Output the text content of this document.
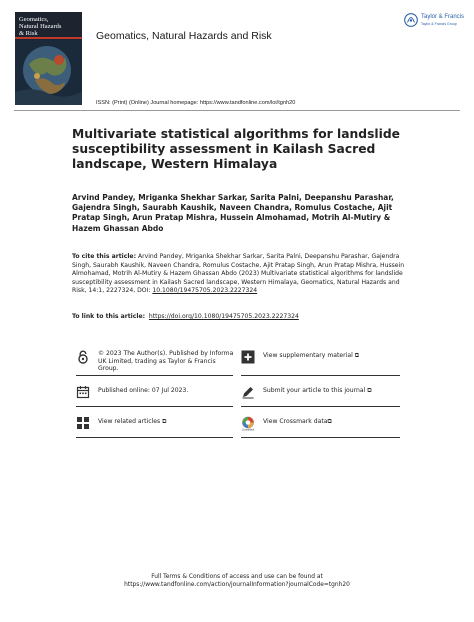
Geomatics,
Natural Hazards
& Risk	Geomatics, Natural Hazards and Risk
Taylor & Francis
Taylor & Francis Group
ISSN: (Print) (Online) Journal homepage: https://www.tandfonline.com/loi/tgnh20
Multivariate statistical algorithms for landslide susceptibility assessment in Kailash Sacred landscape, Western Himalaya
Arvind Pandey, Mriganka Shekhar Sarkar, Sarita Palni, Deepanshu Parashar, Gajendra Singh, Saurabh Kaushik, Naveen Chandra, Romulus Costache, Ajit Pratap Singh, Arun Pratap Mishra, Hussein Almohamad, Motrih Al-Mutiry & Hazem Ghassan Abdo
To cite this article: Arvind Pandey, Mriganka Shekhar Sarkar, Sarita Palni, Deepanshu Parashar, Gajendra Singh, Saurabh Kaushik, Naveen Chandra, Romulus Costache, Ajit Pratap Singh, Arun Pratap Mishra, Hussein Almohamad, Motrih Al-Mutiry & Hazem Ghassan Abdo (2023) Multivariate statistical algorithms for landslide susceptibility assessment in Kailash Sacred landscape, Western Himalaya, Geomatics, Natural Hazards and Risk, 14:1, 2227324, DOI: 10.1080/19475705.2023.2227324
To link to this article: https://doi.org/10.1080/19475705.2023.2227324
© 2023 The Author(s). Published by Informa UK Limited, trading as Taylor & Francis Group.
Published online: 07 Jul 2023.
View related articles ⧉
View supplementary material ⧉
Submit your article to this journal ⧉
CrossMark
View Crossmark data⧉
Full Terms & Conditions of access and use can be found at
https://www.tandfonline.com/action/journalInformation?journalCode=tgnh20
